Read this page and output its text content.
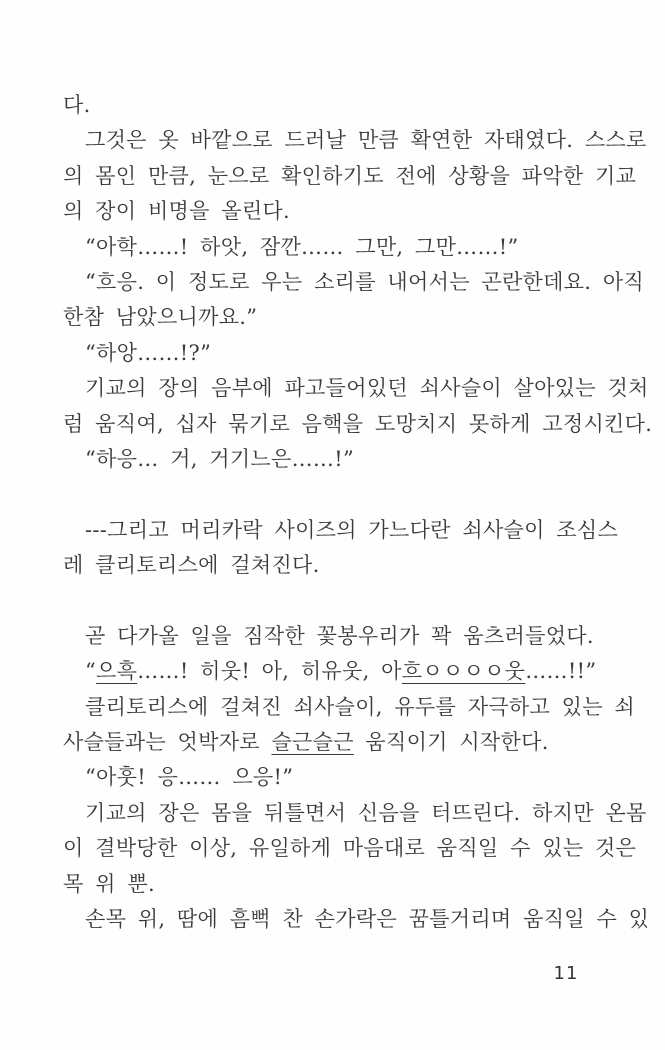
다.
그것은 옷 바깥으로 드러날 만큼 확연한 자태였다. 스스로
의 몸인 만큼, 눈으로 확인하기도 전에 상황을 파악한 기교
의 장이 비명을 올린다.
“아학……! 하앗, 잠깐…… 그만, 그만……!”
“흐응. 이 정도로 우는 소리를 내어서는 곤란한데요. 아직
한참 남았으니까요.”
“하앙……!?”
기교의 장의 음부에 파고들어있던 쇠사슬이 살아있는 것처
럼 움직여, 십자 묶기로 음핵을 도망치지 못하게 고정시킨다.
“하응… 거, 거기느은……!”
---그리고 머리카락 사이즈의 가느다란 쇠사슬이 조심스
레 클리토리스에 걸쳐진다.
곧 다가올 일을 짐작한 꽃봉우리가 꽉 움츠러들었다.
“으흑……! 히웃! 아, 히유웃, 아흐ㅇㅇㅇㅇ웃……!!”
클리토리스에 걸쳐진 쇠사슬이, 유두를 자극하고 있는 쇠
사슬들과는 엇박자로 슬근슬근 움직이기 시작한다.
“아훗! 응…… 으응!”
기교의 장은 몸을 뒤틀면서 신음을 터뜨린다. 하지만 온몸
이 결박당한 이상, 유일하게 마음대로 움직일 수 있는 것은
목 위 뿐.
손목 위, 땀에 흠뻑 찬 손가락은 꿈틀거리며 움직일 수 있
11
